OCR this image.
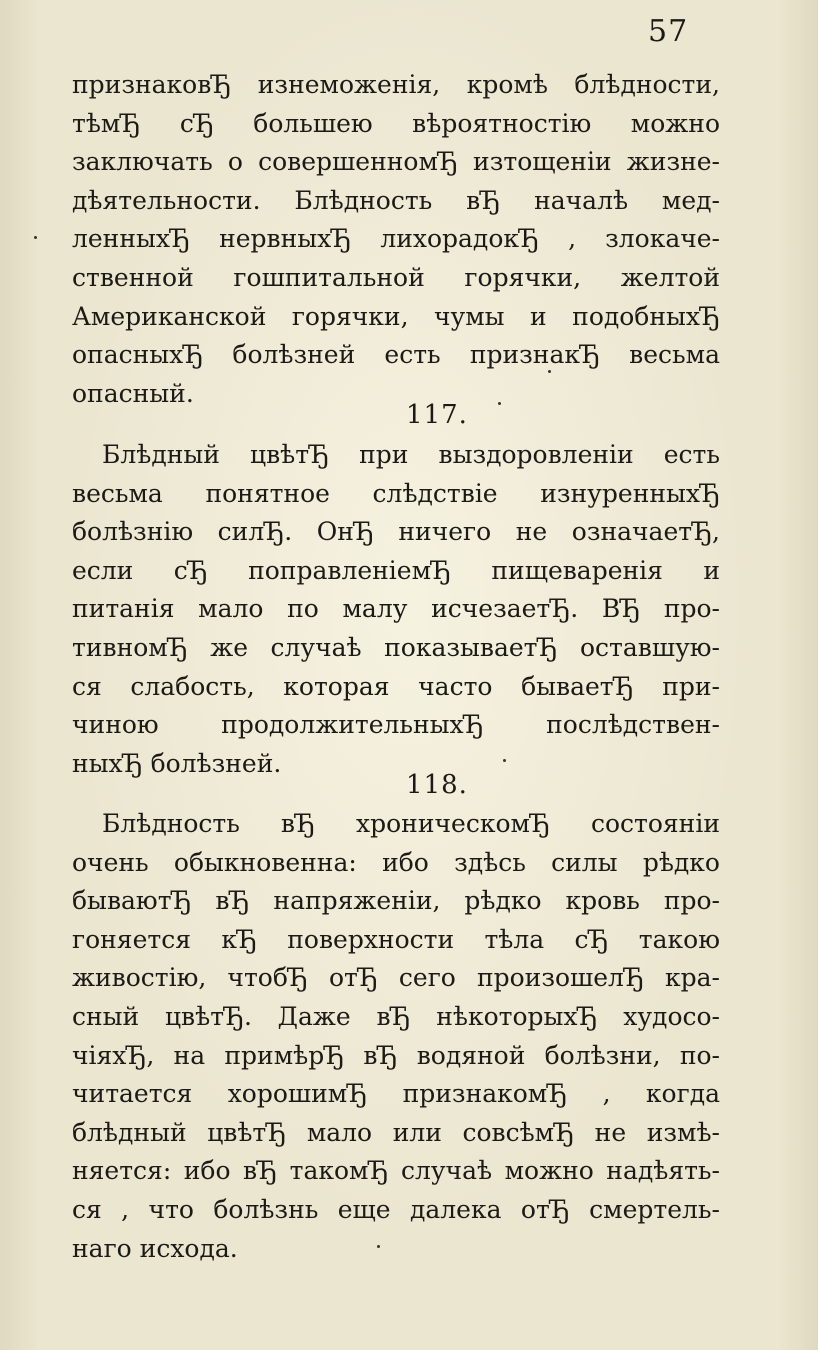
57
признаковЂ изнеможенія, кромѣ блѣдности,
тѣмЂ сЂ большею вѣроятностію можно
заключать о совершенномЂ изтощеніи жизне-
дѣятельности. Блѣдность вЂ началѣ мед-
ленныхЂ нервныхЂ лихорадокЂ , злокаче-
ственной гошпитальной горячки, желтой
Американской горячки, чумы и подобныхЂ
опасныхЂ болѣзней есть признакЂ весьма
опасный.
117.
Блѣдный цвѣтЂ при выздоровленіи есть
весьма понятное слѣдствіе изнуренныхЂ
болѣзнію силЂ. ОнЂ ничего не означаетЂ,
если сЂ поправленіемЂ пищеваренія и
питанія мало по малу исчезаетЂ. ВЂ про-
тивномЂ же случаѣ показываетЂ оставшую-
ся слабость, которая часто бываетЂ при-
чиною продолжительныхЂ послѣдствен-
ныхЂ болѣзней.
118.
Блѣдность вЂ хроническомЂ состояніи
очень обыкновенна: ибо здѣсь силы рѣдко
бываютЂ вЂ напряженіи, рѣдко кровь про-
гоняется кЂ поверхности тѣла сЂ такою
живостію, чтобЂ отЂ сего произошелЂ кра-
сный цвѣтЂ. Даже вЂ нѣкоторыхЂ худосо-
чіяхЂ, на примѣрЂ вЂ водяной болѣзни, по-
читается хорошимЂ признакомЂ , когда
блѣдный цвѣтЂ мало или совсѣмЂ не измѣ-
няется: ибо вЂ такомЂ случаѣ можно надѣять-
ся , что болѣзнь еще далека отЂ смертель-
наго исхода.
